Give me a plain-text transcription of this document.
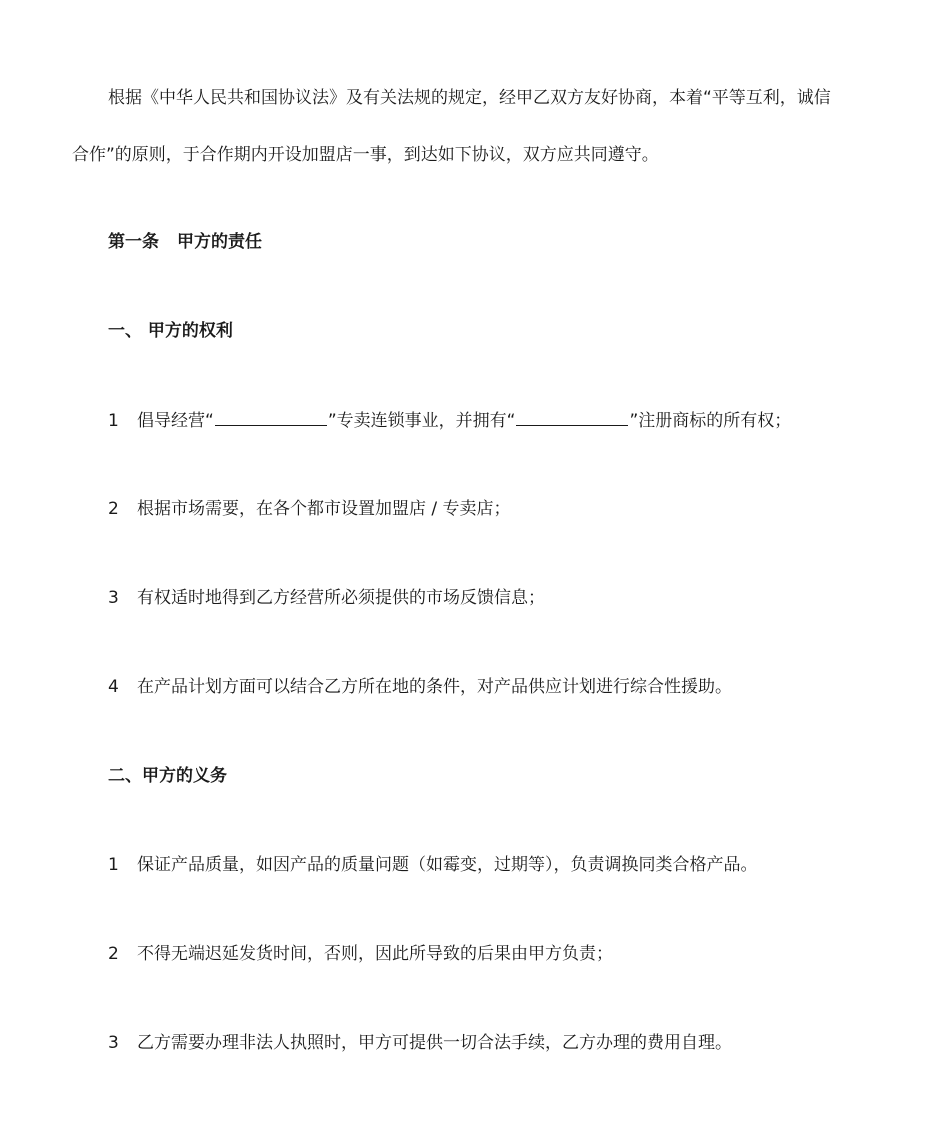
根据《中华人民共和国协议法》及有关法规的规定，经甲乙双方友好协商，本着“平等互利，诚信
合作”的原则，于合作期内开设加盟店一事，到达如下协议，双方应共同遵守。
第一条 甲方的责任
一、 甲方的权利
1 倡导经营“	”专卖连锁事业，并拥有“	”注册商标的所有权；
2 根据市场需要，在各个都市设置加盟店 / 专卖店；
3 有权适时地得到乙方经营所必须提供的市场反馈信息；
4 在产品计划方面可以结合乙方所在地的条件，对产品供应计划进行综合性援助。
二、甲方的义务
1 保证产品质量，如因产品的质量问题（如霉变，过期等），负责调换同类合格产品。
2 不得无端迟延发货时间，否则，因此所导致的后果由甲方负责；
3 乙方需要办理非法人执照时，甲方可提供一切合法手续，乙方办理的费用自理。
